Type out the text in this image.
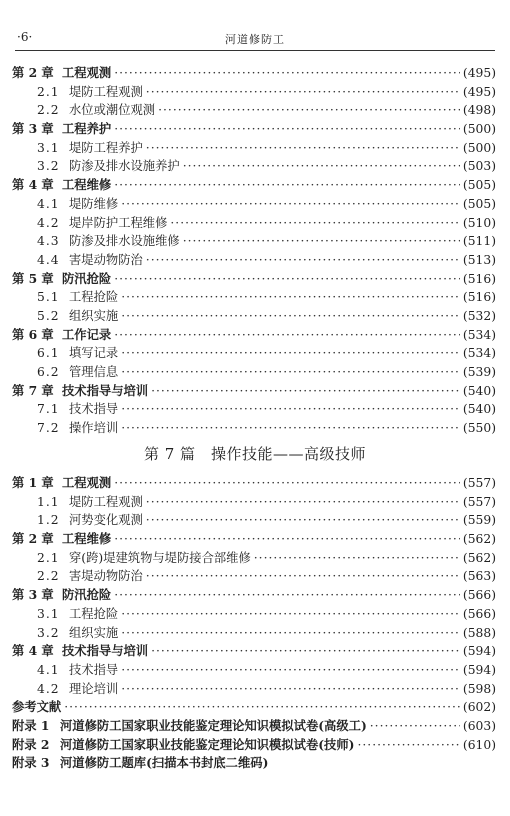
·6·	河道修防工
第 2 章 工程观测 ·····	(495)
2.1 堤防工程观测 ·····	(495)
2.2 水位或潮位观测 ·····	(498)
第 3 章 工程养护 ·····	(500)
3.1 堤防工程养护 ·····	(500)
3.2 防渗及排水设施养护 ·····	(503)
第 4 章 工程维修 ·····	(505)
4.1 堤防维修 ·····	(505)
4.2 堤岸防护工程维修 ·····	(510)
4.3 防渗及排水设施维修 ·····	(511)
4.4 害堤动物防治 ·····	(513)
第 5 章 防汛抢险 ·····	(516)
5.1 工程抢险 ·····	(516)
5.2 组织实施 ·····	(532)
第 6 章 工作记录 ·····	(534)
6.1 填写记录 ·····	(534)
6.2 管理信息 ·····	(539)
第 7 章 技术指导与培训 ·····	(540)
7.1 技术指导 ·····	(540)
7.2 操作培训 ·····	(550)
第 7 篇　操作技能——高级技师
第 1 章 工程观测 ·····	(557)
1.1 堤防工程观测 ·····	(557)
1.2 河势变化观测 ·····	(559)
第 2 章 工程维修 ·····	(562)
2.1 穿(跨)堤建筑物与堤防接合部维修 ·····	(562)
2.2 害堤动物防治 ·····	(563)
第 3 章 防汛抢险 ·····	(566)
3.1 工程抢险 ·····	(566)
3.2 组织实施 ·····	(588)
第 4 章 技术指导与培训 ·····	(594)
4.1 技术指导 ·····	(594)
4.2 理论培训 ·····	(598)
参考文献 ·····	(602)
附录 1 河道修防工国家职业技能鉴定理论知识模拟试卷(高级工) ·····	(603)
附录 2 河道修防工国家职业技能鉴定理论知识模拟试卷(技师) ·····	(610)
附录 3 河道修防工题库(扫描本书封底二维码)
